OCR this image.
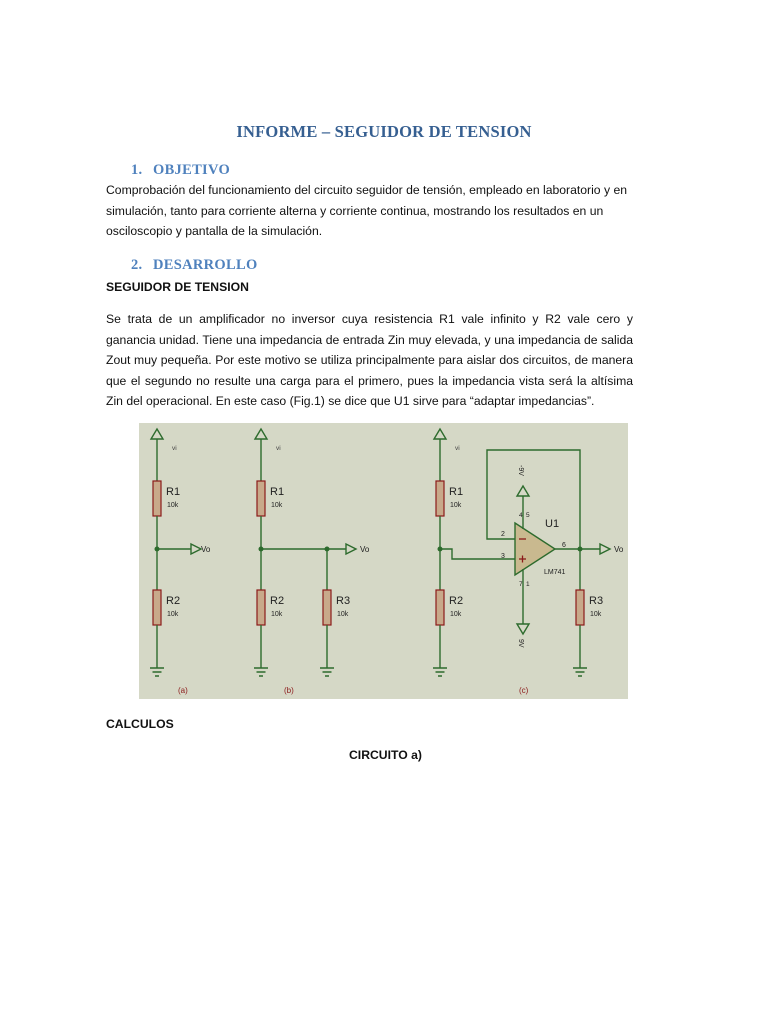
INFORME – SEGUIDOR DE TENSION
1. OBJETIVO
Comprobación del funcionamiento del circuito seguidor de tensión, empleado en laboratorio y en simulación, tanto para corriente alterna y corriente continua, mostrando los resultados en un osciloscopio y pantalla de la simulación.
2. DESARROLLO
SEGUIDOR DE TENSION
Se trata de un amplificador no inversor cuya resistencia R1 vale infinito y R2 vale cero y ganancia unidad. Tiene una impedancia de entrada Zin muy elevada, y una impedancia de salida Zout muy pequeña. Por este motivo se utiliza principalmente para aislar dos circuitos, de manera que el segundo no resulte una carga para el primero, pues la impedancia vista será la altísima Zin del operacional. En este caso (Fig.1) se dice que U1 sirve para “adaptar impedancias”.
vi
R1
10k
Vo
R2
10k
(a)
vi
R1
10k
Vo
R2
10k
R3
10k
(b)
vi
R1
10k
R2
10k
U1
LM741
2
3
6
4 5
7 1
-9V
9V
Vo
R3
10k
(c)
CALCULOS
CIRCUITO a)
